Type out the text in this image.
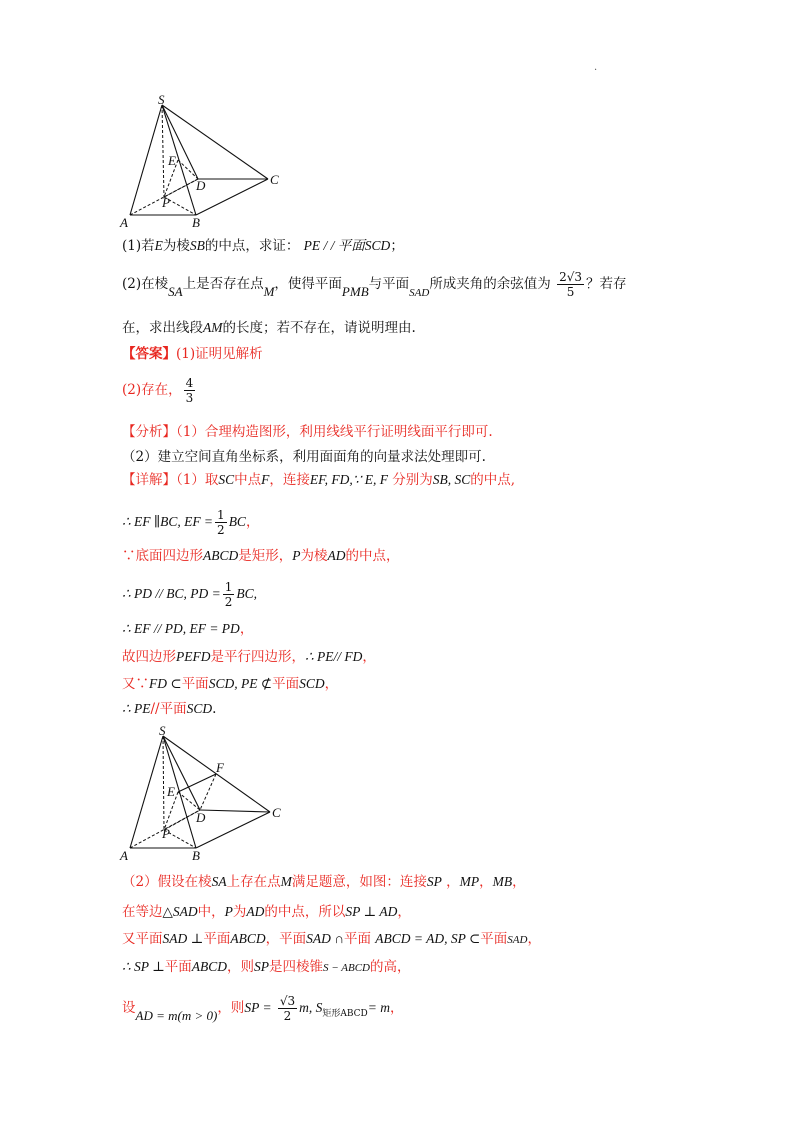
.
S
E
D	C
P
A	B
(1)若E为棱SB的中点，求证： PE / / 平面SCD；
(2)在棱SA上是否存在点M，使得平面PMB与平面$_{SAD}$所成夹角的余弦值为 $\frac{2√3}{5}$ ？若存
在，求出线段AM的长度；若不存在，请说明理由.
【答案】(1)证明见解析
(2)存在， $\frac{4}{3}$
【分析】（1）合理构造图形，利用线线平行证明线面平行即可.
（2）建立空间直角坐标系，利用面面角的向量求法处理即可.
【详解】（1）取SC中点F，连接EF, FD,∵ E, F 分别为SB, SC的中点,
∴ EF ∥BC, EF = $\frac{1}{2}$ BC，
∵底面四边形ABCD是矩形，P为棱AD的中点，
∴ PD // BC, PD = $\frac{1}{2}$ BC,
∴ EF // PD, EF = PD，
故四边形PEFD是平行四边形，∴ PE// FD，
又∵FD ⊂平面SCD, PE ⊄平面SCD，
∴ PE//平面SCD.
S
F
E
D	C
P
A	B
（2）假设在棱SA上存在点M满足题意，如图：连接SP ，MP，MB，
在等边△SAD中，P为AD的中点，所以SP ⊥ AD，
又平面SAD ⊥平面ABCD，平面SAD ∩平面 ABCD = AD, SP ⊂平面SAD，
∴ SP ⊥平面ABCD，则SP是四棱锥S − ABCD的高，
设AD = m(m > 0)，则SP = $\frac{√3}{2} m$, $S_{矩形ABCD}= m$，
